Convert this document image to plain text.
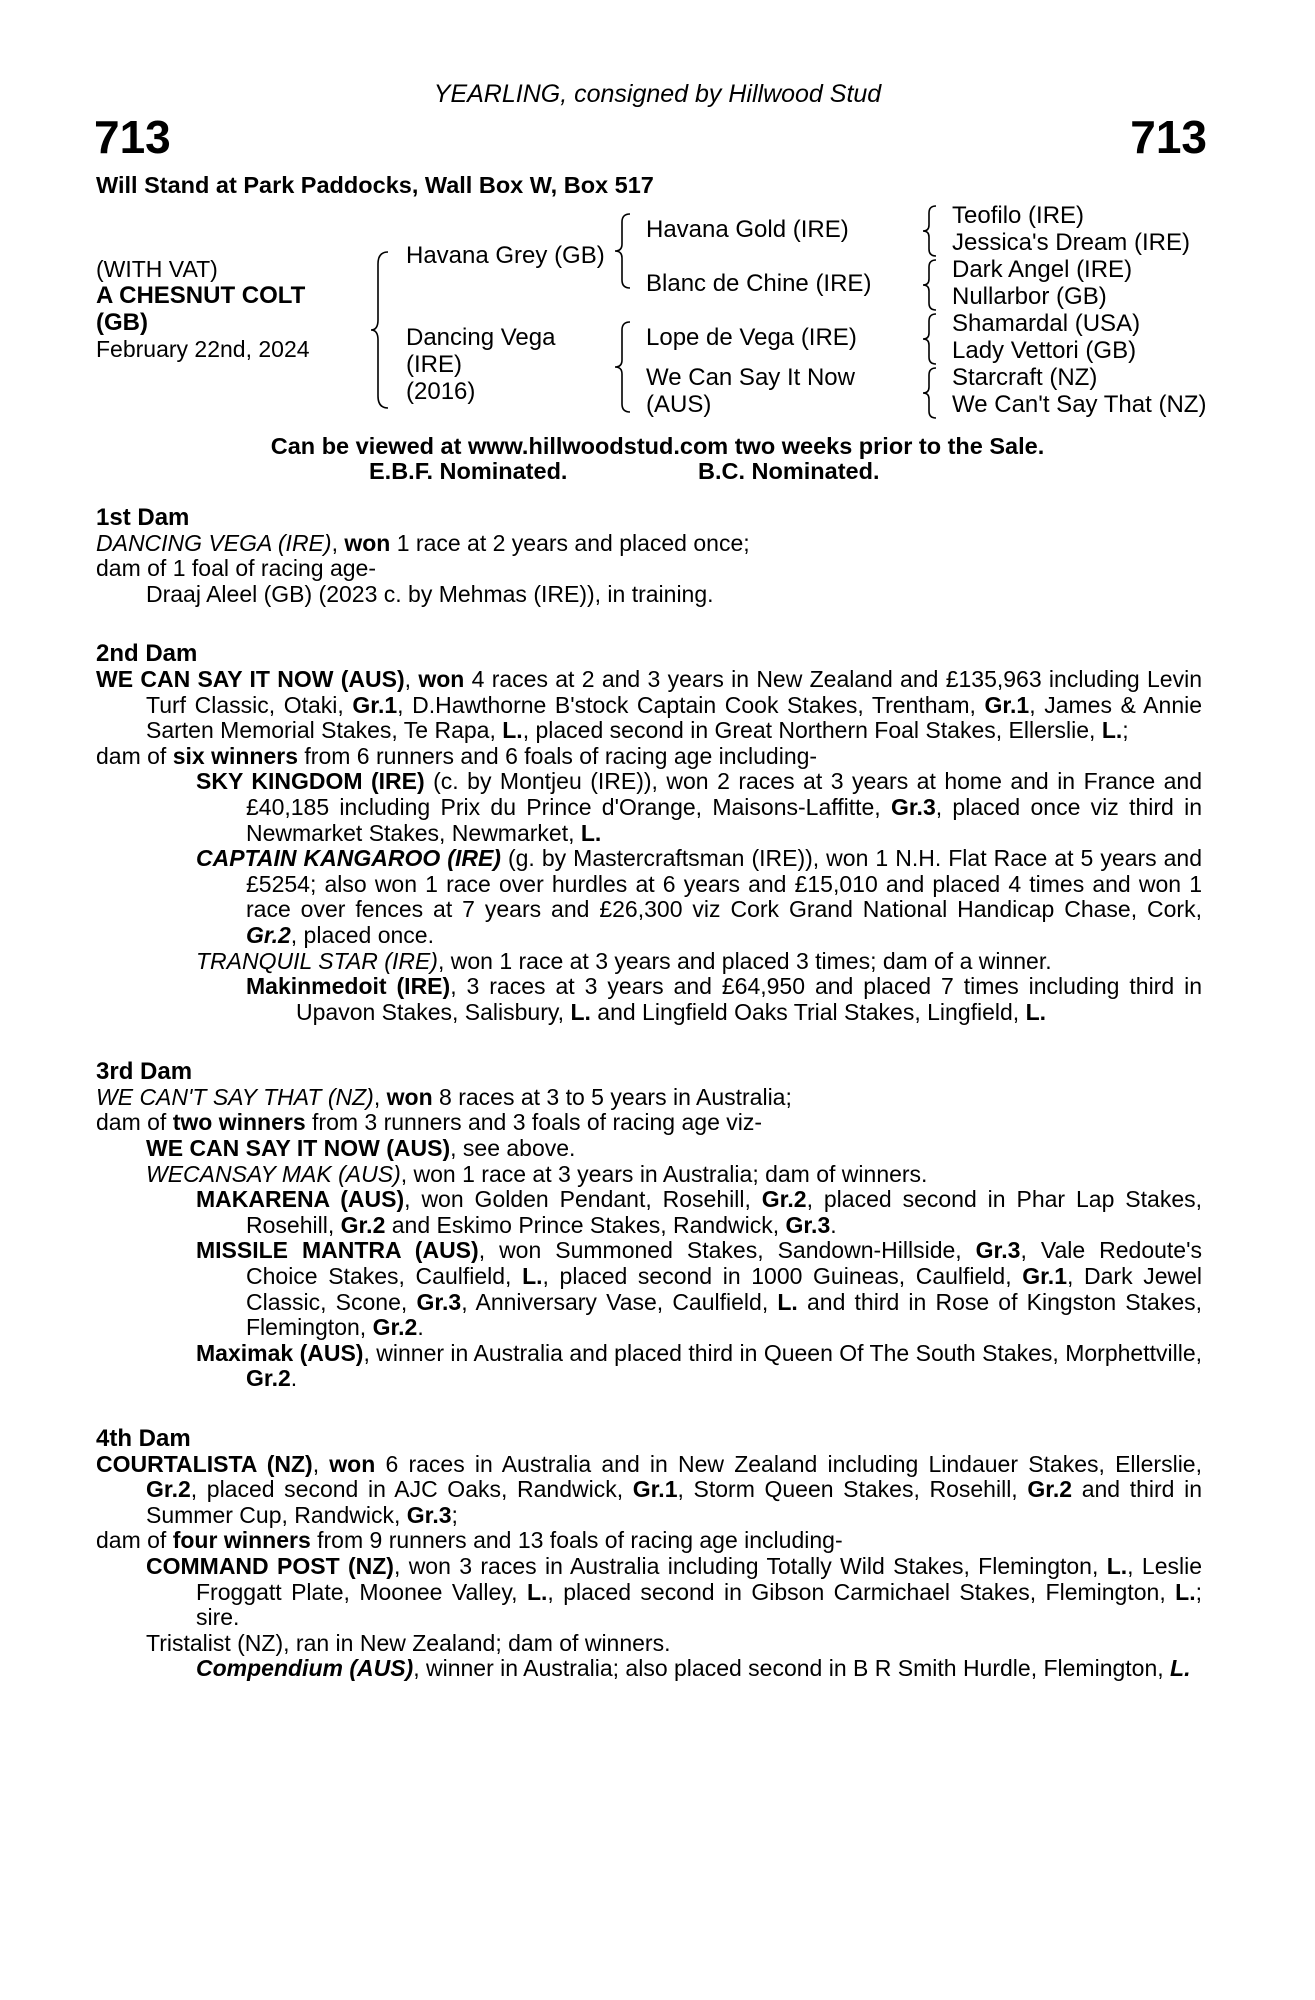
YEARLING, consigned by Hillwood Stud
713	713
Will Stand at Park Paddocks, Wall Box W, Box 517
(WITH VAT)
A CHESNUT COLT
(GB)
February 22nd, 2024
Havana Grey (GB)
Dancing Vega
(IRE)
(2016)
Havana Gold (IRE)
Blanc de Chine (IRE)
Lope de Vega (IRE)
We Can Say It Now
(AUS)
Teofilo (IRE)
Jessica's Dream (IRE)
Dark Angel (IRE)
Nullarbor (GB)
Shamardal (USA)
Lady Vettori (GB)
Starcraft (NZ)
We Can't Say That (NZ)
Can be viewed at www.hillwoodstud.com two weeks prior to the Sale.
E.B.F. Nominated.	B.C. Nominated.

1st Dam

DANCING VEGA (IRE), won 1 race at 2 years and placed once;

dam of 1 foal of racing age-

Draaj Aleel (GB) (2023 c. by Mehmas (IRE)), in training.

2nd Dam

WE CAN SAY IT NOW (AUS), won 4 races at 2 and 3 years in New Zealand and £135,963 including Levin Turf Classic, Otaki, Gr.1, D.Hawthorne B'stock Captain Cook Stakes, Trentham, Gr.1, James & Annie Sarten Memorial Stakes, Te Rapa, L., placed second in Great Northern Foal Stakes, Ellerslie, L.;

dam of six winners from 6 runners and 6 foals of racing age including-

SKY KINGDOM (IRE) (c. by Montjeu (IRE)), won 2 races at 3 years at home and in France and £40,185 including Prix du Prince d'Orange, Maisons-Laffitte, Gr.3, placed once viz third in Newmarket Stakes, Newmarket, L.

CAPTAIN KANGAROO (IRE) (g. by Mastercraftsman (IRE)), won 1 N.H. Flat Race at 5 years and £5254; also won 1 race over hurdles at 6 years and £15,010 and placed 4 times and won 1 race over fences at 7 years and £26,300 viz Cork Grand National Handicap Chase, Cork, Gr.2, placed once.

TRANQUIL STAR (IRE), won 1 race at 3 years and placed 3 times; dam of a winner.

Makinmedoit (IRE), 3 races at 3 years and £64,950 and placed 7 times including third in Upavon Stakes, Salisbury, L. and Lingfield Oaks Trial Stakes, Lingfield, L.

3rd Dam

WE CAN'T SAY THAT (NZ), won 8 races at 3 to 5 years in Australia;

dam of two winners from 3 runners and 3 foals of racing age viz-

WE CAN SAY IT NOW (AUS), see above.

WECANSAY MAK (AUS), won 1 race at 3 years in Australia; dam of winners.

MAKARENA (AUS), won Golden Pendant, Rosehill, Gr.2, placed second in Phar Lap Stakes, Rosehill, Gr.2 and Eskimo Prince Stakes, Randwick, Gr.3.

MISSILE MANTRA (AUS), won Summoned Stakes, Sandown-Hillside, Gr.3, Vale Redoute's Choice Stakes, Caulfield, L., placed second in 1000 Guineas, Caulfield, Gr.1, Dark Jewel Classic, Scone, Gr.3, Anniversary Vase, Caulfield, L. and third in Rose of Kingston Stakes, Flemington, Gr.2.

Maximak (AUS), winner in Australia and placed third in Queen Of The South Stakes, Morphettville, Gr.2.

4th Dam

COURTALISTA (NZ), won 6 races in Australia and in New Zealand including Lindauer Stakes, Ellerslie, Gr.2, placed second in AJC Oaks, Randwick, Gr.1, Storm Queen Stakes, Rosehill, Gr.2 and third in Summer Cup, Randwick, Gr.3;

dam of four winners from 9 runners and 13 foals of racing age including-

COMMAND POST (NZ), won 3 races in Australia including Totally Wild Stakes, Flemington, L., Leslie Froggatt Plate, Moonee Valley, L., placed second in Gibson Carmichael Stakes, Flemington, L.; sire.

Tristalist (NZ), ran in New Zealand; dam of winners.

Compendium (AUS), winner in Australia; also placed second in B R Smith Hurdle, Flemington, L.
